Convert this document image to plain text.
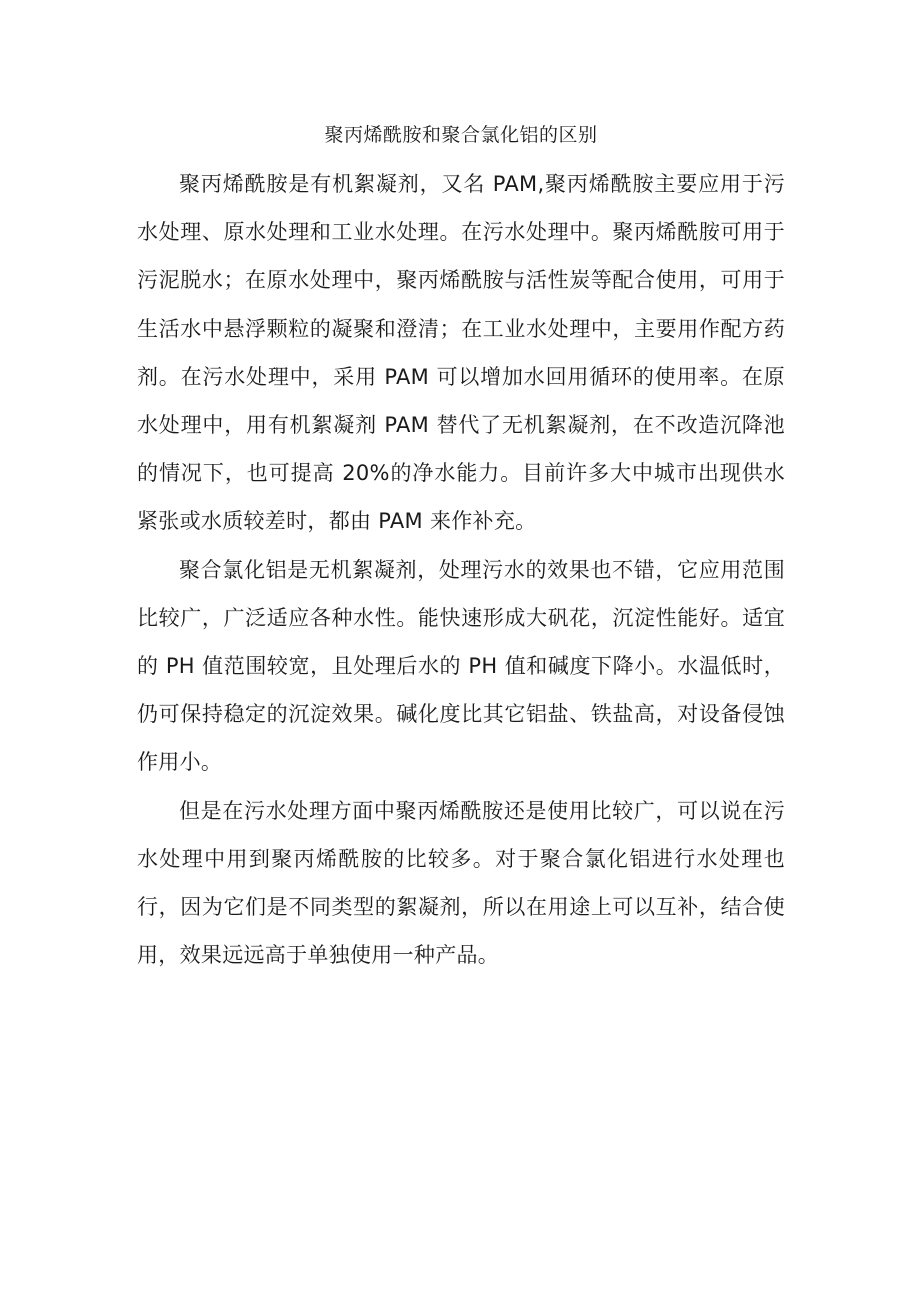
聚丙烯酰胺和聚合氯化铝的区别

聚丙烯酰胺是有机絮凝剂，又名 PAM,聚丙烯酰胺主要应用于污水处理、原水处理和工业水处理。在污水处理中。聚丙烯酰胺可用于污泥脱水；在原水处理中，聚丙烯酰胺与活性炭等配合使用，可用于生活水中悬浮颗粒的凝聚和澄清；在工业水处理中，主要用作配方药剂。在污水处理中，采用 PAM 可以增加水回用循环的使用率。在原水处理中，用有机絮凝剂 PAM 替代了无机絮凝剂，在不改造沉降池的情况下，也可提高 20%的净水能力。目前许多大中城市出现供水紧张或水质较差时，都由 PAM 来作补充。

聚合氯化铝是无机絮凝剂，处理污水的效果也不错，它应用范围比较广，广泛适应各种水性。能快速形成大矾花，沉淀性能好。适宜的 PH 值范围较宽，且处理后水的 PH 值和碱度下降小。水温低时，仍可保持稳定的沉淀效果。碱化度比其它铝盐、铁盐高，对设备侵蚀作用小。

但是在污水处理方面中聚丙烯酰胺还是使用比较广，可以说在污水处理中用到聚丙烯酰胺的比较多。对于聚合氯化铝进行水处理也行，因为它们是不同类型的絮凝剂，所以在用途上可以互补，结合使用，效果远远高于单独使用一种产品。
